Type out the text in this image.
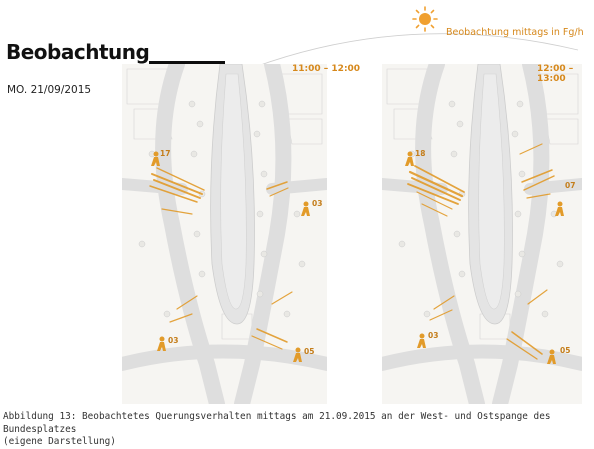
Beobachtung
MO. 21/09/2015
Beobachtung mittags in Fg/h
17
03
03
05
11:00 – 12:00
18
07
03
05
12:00 – 13:00
Abbildung 13: Beobachtetes Querungsverhalten mittags am 21.09.2015 an der West- und Ostspange des Bundesplatzes
(eigene Darstellung)
